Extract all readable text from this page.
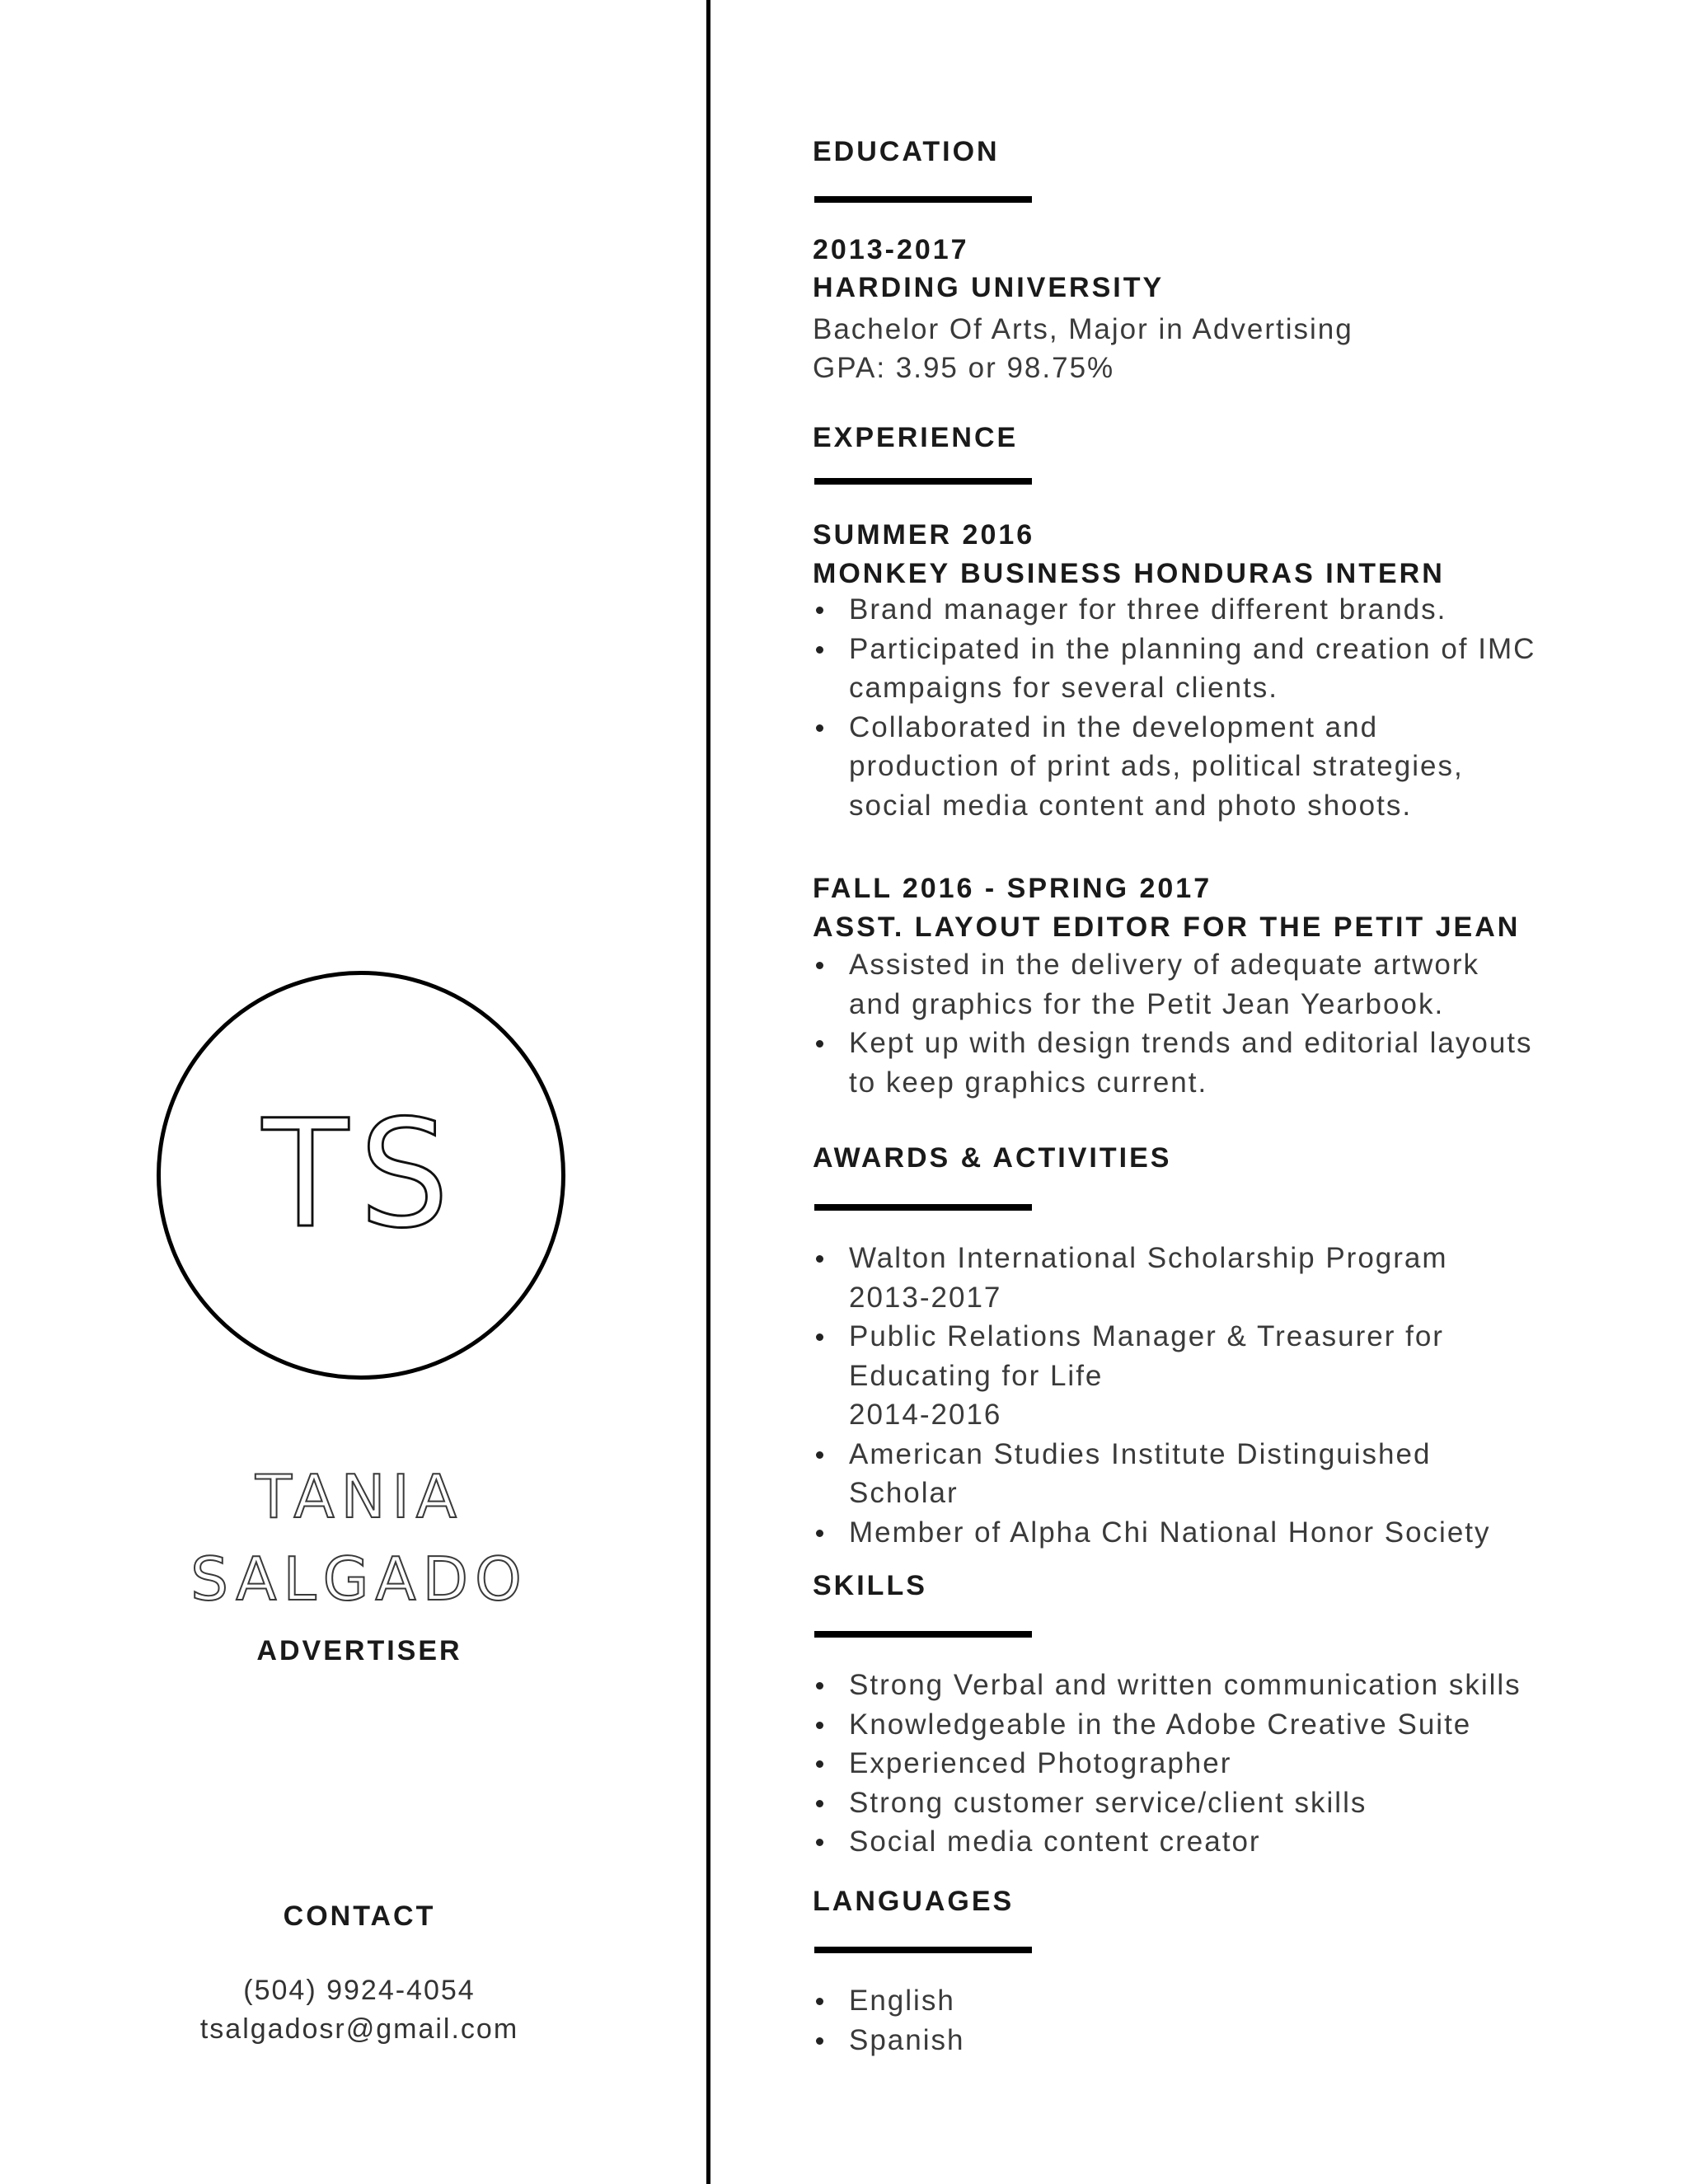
TS
TANIA
SALGADO
ADVERTISER
CONTACT
(504) 9924-4054
tsalgadosr@gmail.com
EDUCATION
2013-2017
HARDING UNIVERSITY
Bachelor Of Arts, Major in Advertising
GPA: 3.95 or 98.75%
EXPERIENCE
SUMMER 2016
MONKEY BUSINESS HONDURAS INTERN
Brand manager for three different brands.
Participated in the planning and creation of IMC campaigns for several clients.
Collaborated in the development and production of print ads, political strategies, social media content and photo shoots.
FALL 2016 - SPRING 2017
ASST. LAYOUT EDITOR FOR THE PETIT JEAN
Assisted in the delivery of adequate artwork and graphics for the Petit Jean Yearbook.
Kept up with design trends and editorial layouts to keep graphics current.
AWARDS & ACTIVITIES
Walton International Scholarship Program
2013-2017
Public Relations Manager & Treasurer for
Educating for Life
2014-2016
American Studies Institute Distinguished
Scholar
Member of Alpha Chi National Honor Society
SKILLS
Strong Verbal and written communication skills
Knowledgeable in the Adobe Creative Suite
Experienced Photographer
Strong customer service/client skills
Social media content creator
LANGUAGES
English
Spanish
